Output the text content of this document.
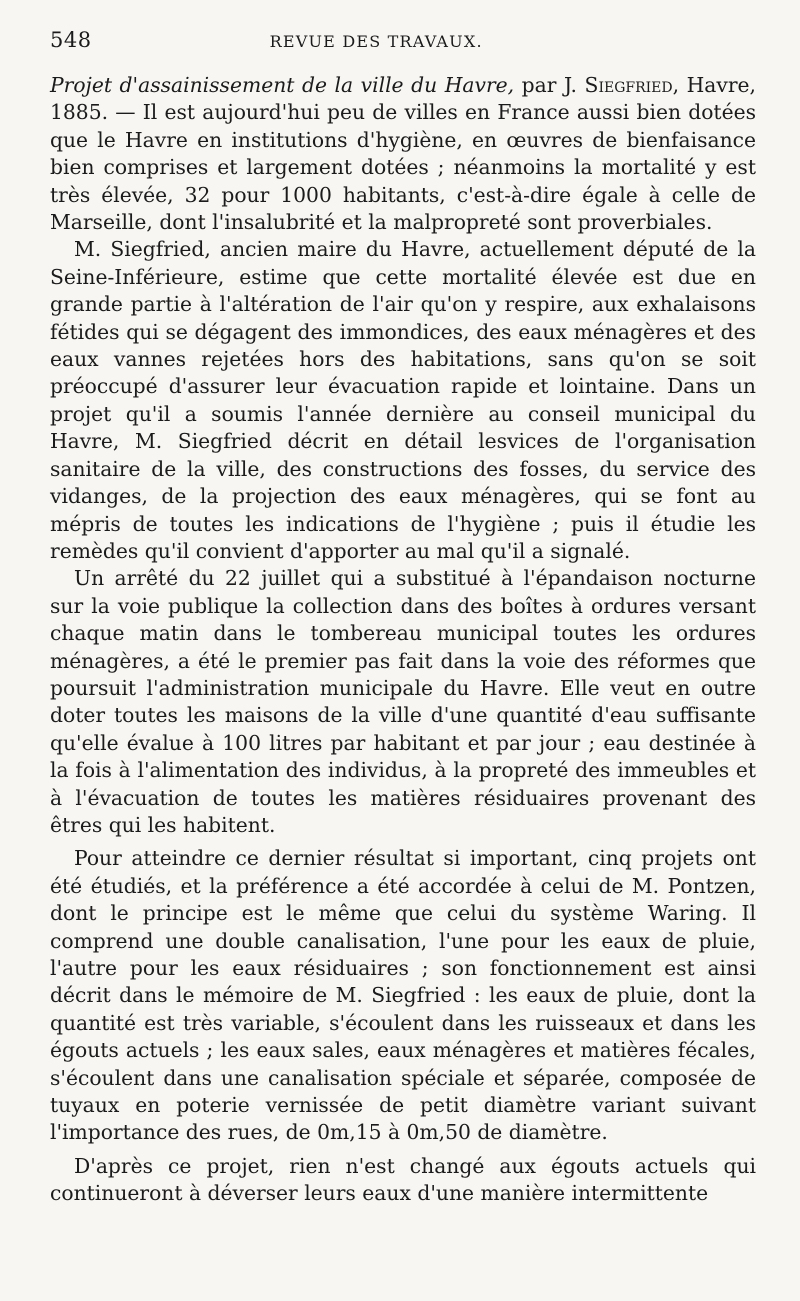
548	REVUE DES TRAVAUX.

Projet d'assainissement de la ville du Havre, par J. Siegfried, Havre, 1885. — Il est aujourd'hui peu de villes en France aussi bien dotées que le Havre en institutions d'hygiène, en œuvres de bienfaisance bien comprises et largement dotées ; néanmoins la mortalité y est très élevée, 32 pour 1000 habitants, c'est-à-dire égale à celle de Marseille, dont l'insalubrité et la malpropreté sont proverbiales.

M. Siegfried, ancien maire du Havre, actuellement député de la Seine-Inférieure, estime que cette mortalité élevée est due en grande partie à l'altération de l'air qu'on y respire, aux exhalaisons fétides qui se dégagent des immondices, des eaux ménagères et des eaux vannes rejetées hors des habitations, sans qu'on se soit préoccupé d'assurer leur évacuation rapide et lointaine. Dans un projet qu'il a soumis l'année dernière au conseil municipal du Havre, M. Siegfried décrit en détail lesvices de l'organisation sanitaire de la ville, des constructions des fosses, du service des vidanges, de la projection des eaux ménagères, qui se font au mépris de toutes les indications de l'hygiène ; puis il étudie les remèdes qu'il convient d'apporter au mal qu'il a signalé.

Un arrêté du 22 juillet qui a substitué à l'épandaison nocturne sur la voie publique la collection dans des boîtes à ordures versant chaque matin dans le tombereau municipal toutes les ordures ménagères, a été le premier pas fait dans la voie des réformes que poursuit l'administration municipale du Havre. Elle veut en outre doter toutes les maisons de la ville d'une quantité d'eau suffisante qu'elle évalue à 100 litres par habitant et par jour ; eau destinée à la fois à l'alimentation des individus, à la propreté des immeubles et à l'évacuation de toutes les matières résiduaires provenant des êtres qui les habitent.

Pour atteindre ce dernier résultat si important, cinq projets ont été étudiés, et la préférence a été accordée à celui de M. Pontzen, dont le principe est le même que celui du système Waring. Il comprend une double canalisation, l'une pour les eaux de pluie, l'autre pour les eaux résiduaires ; son fonctionnement est ainsi décrit dans le mémoire de M. Siegfried : les eaux de pluie, dont la quantité est très variable, s'écoulent dans les ruisseaux et dans les égouts actuels ; les eaux sales, eaux ménagères et matières fécales, s'écoulent dans une canalisation spéciale et séparée, composée de tuyaux en poterie vernissée de petit diamètre variant suivant l'importance des rues, de 0m,15 à 0m,50 de diamètre.

D'après ce projet, rien n'est changé aux égouts actuels qui continueront à déverser leurs eaux d'une manière intermittente
